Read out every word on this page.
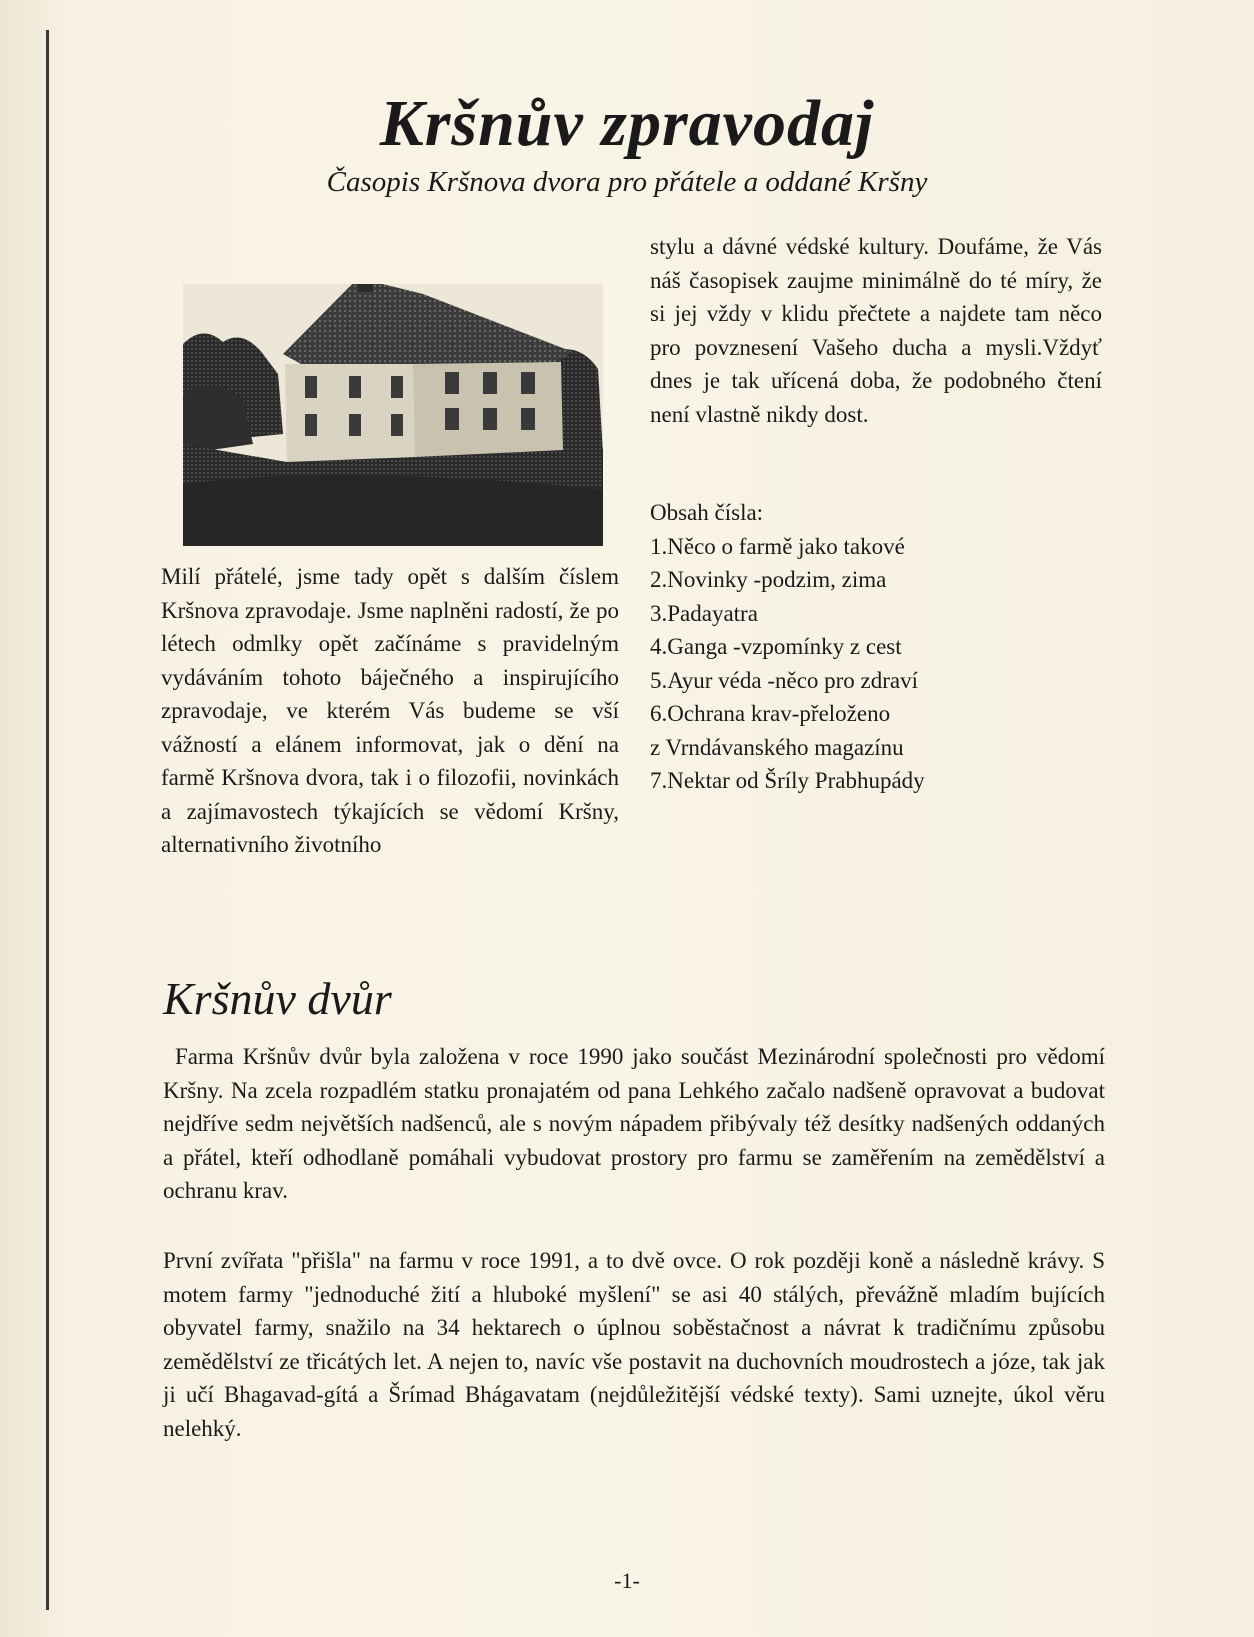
Kršnův zpravodaj
Časopis Kršnova dvora pro přátele a oddané Kršny
Milí přátelé, jsme tady opět s dalším číslem Kršnova zpravodaje. Jsme naplněni radostí, že po létech odmlky opět začínáme s pravidelným vydáváním tohoto báječného a inspirujícího zpravodaje, ve kterém Vás budeme se vší vážností a elánem informovat, jak o dění na farmě Kršnova dvora, tak i o filozofii, novinkách a zajímavostech týkajících se vědomí Kršny, alternativního životního
stylu a dávné védské kultury. Doufáme, že Vás náš časopisek zaujme minimálně do té míry, že si jej vždy v klidu přečtete a najdete tam něco pro povznesení Vašeho ducha a mysli.Vždyť dnes je tak uřícená doba, že podobného čtení není vlastně nikdy dost.
Obsah čísla:
1.Něco o farmě jako takové
2.Novinky -podzim, zima
3.Padayatra
4.Ganga -vzpomínky z cest
5.Ayur véda -něco pro zdraví
6.Ochrana krav-přeloženo
z Vrndávanského magazínu
7.Nektar od Šríly Prabhupády
Kršnův dvůr
Farma Kršnův dvůr byla založena v roce 1990 jako součást Mezinárodní společnosti pro vědomí Kršny. Na zcela rozpadlém statku pronajatém od pana Lehkého začalo nadšeně opravovat a budovat nejdříve sedm největších nadšenců, ale s novým nápadem přibývaly též desítky nadšených oddaných a přátel, kteří odhodlaně pomáhali vybudovat prostory pro farmu se zaměřením na zemědělství a ochranu krav.
První zvířata "přišla" na farmu v roce 1991, a to dvě ovce. O rok později koně a následně krávy. S motem farmy "jednoduché žití a hluboké myšlení" se asi 40 stálých, převážně mladím bujících obyvatel farmy, snažilo na 34 hektarech o úplnou soběstačnost a návrat k tradičnímu způsobu zemědělství ze třicátých let. A nejen to, navíc vše postavit na duchovních moudrostech a józe, tak jak ji učí Bhagavad-gítá a Šrímad Bhágavatam (nejdůležitější védské texty). Sami uznejte, úkol věru nelehký.
-1-
